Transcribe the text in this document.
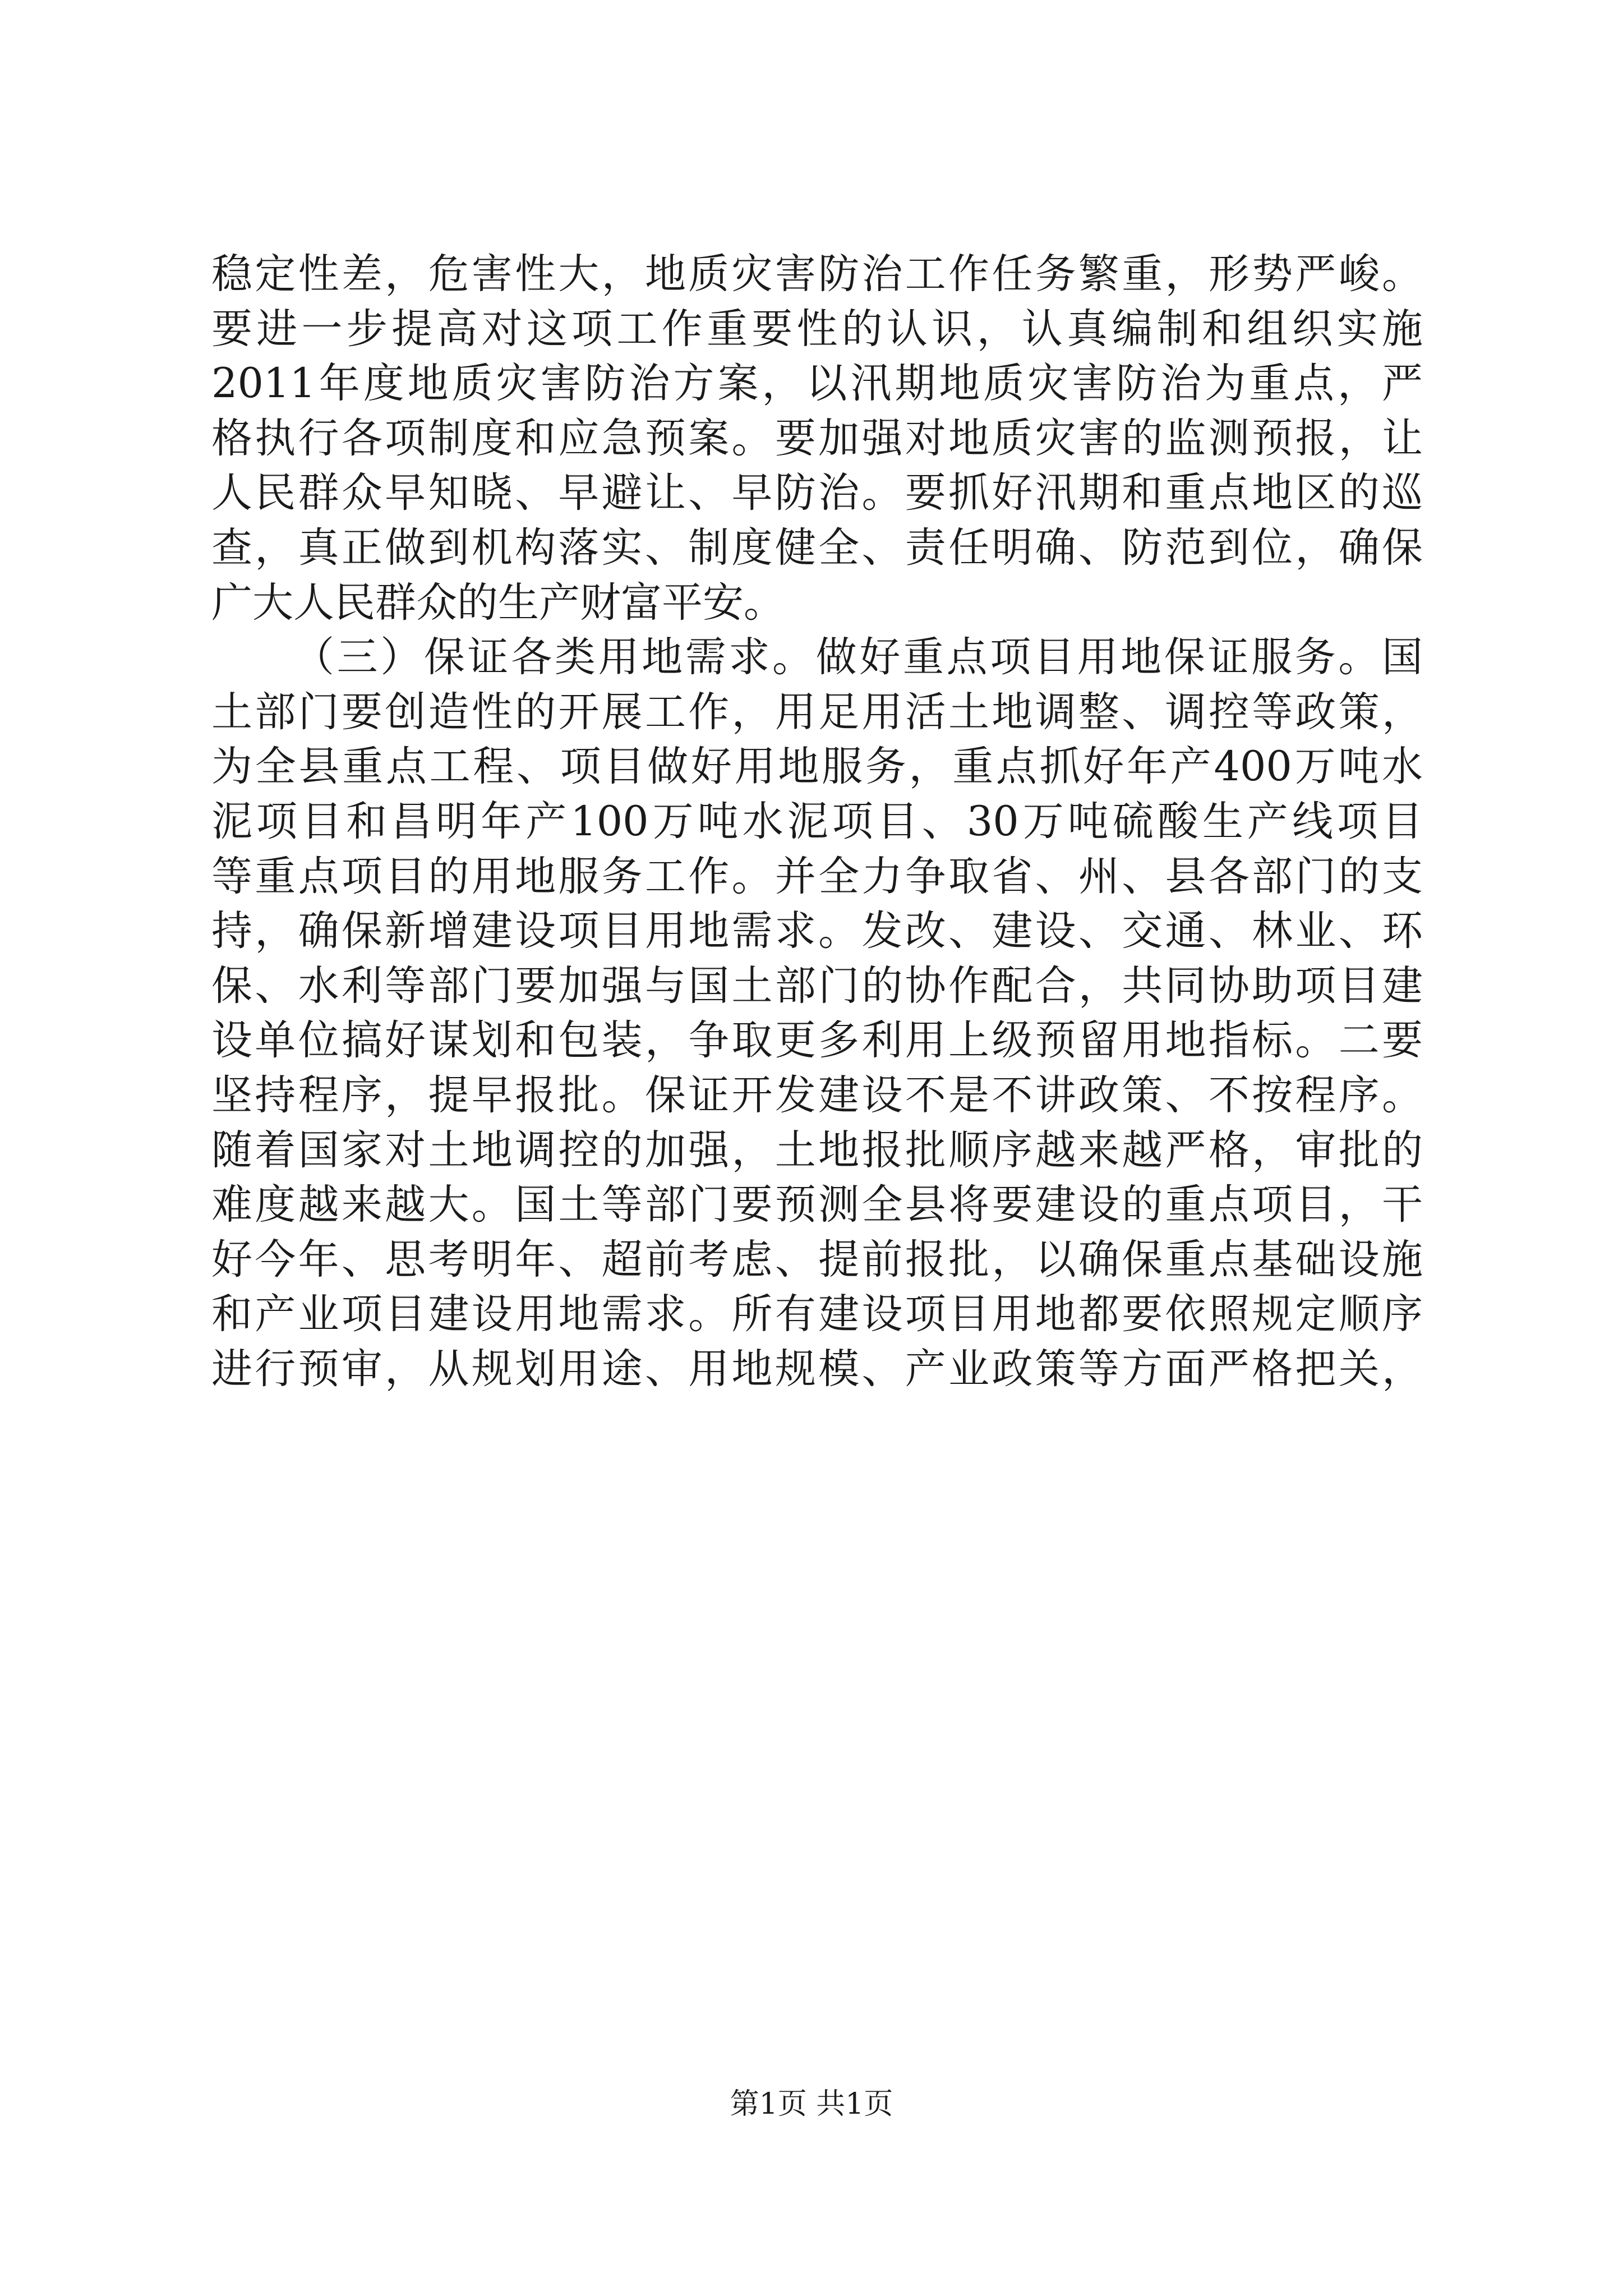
稳定性差，危害性大，地质灾害防治工作任务繁重，形势严峻。
要进一步提高对这项工作重要性的认识，认真编制和组织实施
2011年度地质灾害防治方案，以汛期地质灾害防治为重点，严
格执行各项制度和应急预案。要加强对地质灾害的监测预报，让
人民群众早知晓、早避让、早防治。要抓好汛期和重点地区的巡
查，真正做到机构落实、制度健全、责任明确、防范到位，确保
广大人民群众的生产财富平安。
（三）保证各类用地需求。做好重点项目用地保证服务。国
土部门要创造性的开展工作，用足用活土地调整、调控等政策，
为全县重点工程、项目做好用地服务，重点抓好年产400万吨水
泥项目和昌明年产100万吨水泥项目、30万吨硫酸生产线项目
等重点项目的用地服务工作。并全力争取省、州、县各部门的支
持，确保新增建设项目用地需求。发改、建设、交通、林业、环
保、水利等部门要加强与国土部门的协作配合，共同协助项目建
设单位搞好谋划和包装，争取更多利用上级预留用地指标。二要
坚持程序，提早报批。保证开发建设不是不讲政策、不按程序。
随着国家对土地调控的加强，土地报批顺序越来越严格，审批的
难度越来越大。国土等部门要预测全县将要建设的重点项目，干
好今年、思考明年、超前考虑、提前报批，以确保重点基础设施
和产业项目建设用地需求。所有建设项目用地都要依照规定顺序
进行预审，从规划用途、用地规模、产业政策等方面严格把关，
第1页 共1页
